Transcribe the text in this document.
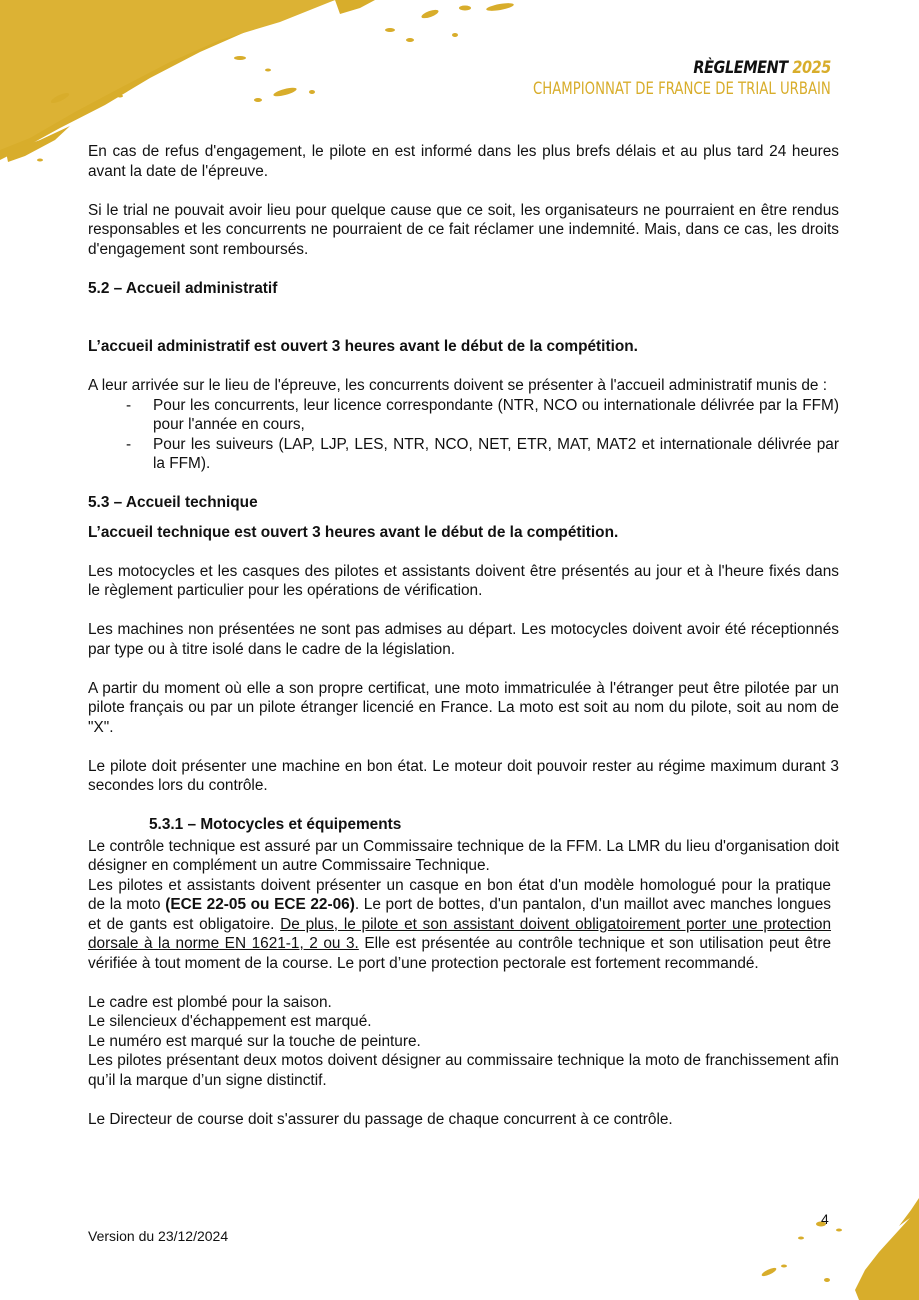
RÈGLEMENT 2025
CHAMPIONNAT DE FRANCE DE TRIAL URBAIN

En cas de refus d'engagement, le pilote en est informé dans les plus brefs délais et au plus tard 24 heures avant la date de l'épreuve.

Si le trial ne pouvait avoir lieu pour quelque cause que ce soit, les organisateurs ne pourraient en être rendus responsables et les concurrents ne pourraient de ce fait réclamer une indemnité. Mais, dans ce cas, les droits d'engagement sont remboursés.

5.2 – Accueil administratif

L’accueil administratif est ouvert 3 heures avant le début de la compétition.

A leur arrivée sur le lieu de l'épreuve, les concurrents doivent se présenter à l'accueil administratif munis de :

- Pour les concurrents, leur licence correspondante (NTR, NCO ou internationale délivrée par la FFM) pour l'année en cours,
- Pour les suiveurs (LAP, LJP, LES, NTR, NCO, NET, ETR, MAT, MAT2 et internationale délivrée par la FFM).

5.3 – Accueil technique

L’accueil technique est ouvert 3 heures avant le début de la compétition.

Les motocycles et les casques des pilotes et assistants doivent être présentés au jour et à l'heure fixés dans le règlement particulier pour les opérations de vérification.

Les machines non présentées ne sont pas admises au départ. Les motocycles doivent avoir été réceptionnés par type ou à titre isolé dans le cadre de la législation.

A partir du moment où elle a son propre certificat, une moto immatriculée à l'étranger peut être pilotée par un pilote français ou par un pilote étranger licencié en France. La moto est soit au nom du pilote, soit au nom de "X".

Le pilote doit présenter une machine en bon état. Le moteur doit pouvoir rester au régime maximum durant 3 secondes lors du contrôle.

5.3.1 – Motocycles et équipements

Le contrôle technique est assuré par un Commissaire technique de la FFM. La LMR du lieu d'organisation doit désigner en complément un autre Commissaire Technique.

Les pilotes et assistants doivent présenter un casque en bon état d'un modèle homologué pour la pratique de la moto (ECE 22-05 ou ECE 22-06). Le port de bottes, d'un pantalon, d'un maillot avec manches longues et de gants est obligatoire. De plus, le pilote et son assistant doivent obligatoirement porter une protection dorsale à la norme EN 1621-1, 2 ou 3. Elle est présentée au contrôle technique et son utilisation peut être vérifiée à tout moment de la course. Le port d’une protection pectorale est fortement recommandé.

Le cadre est plombé pour la saison.

Le silencieux d'échappement est marqué.

Le numéro est marqué sur la touche de peinture.

Les pilotes présentant deux motos doivent désigner au commissaire technique la moto de franchissement afin qu’il la marque d’un signe distinctif.

Le Directeur de course doit s'assurer du passage de chaque concurrent à ce contrôle.

Version du 23/12/2024
4
